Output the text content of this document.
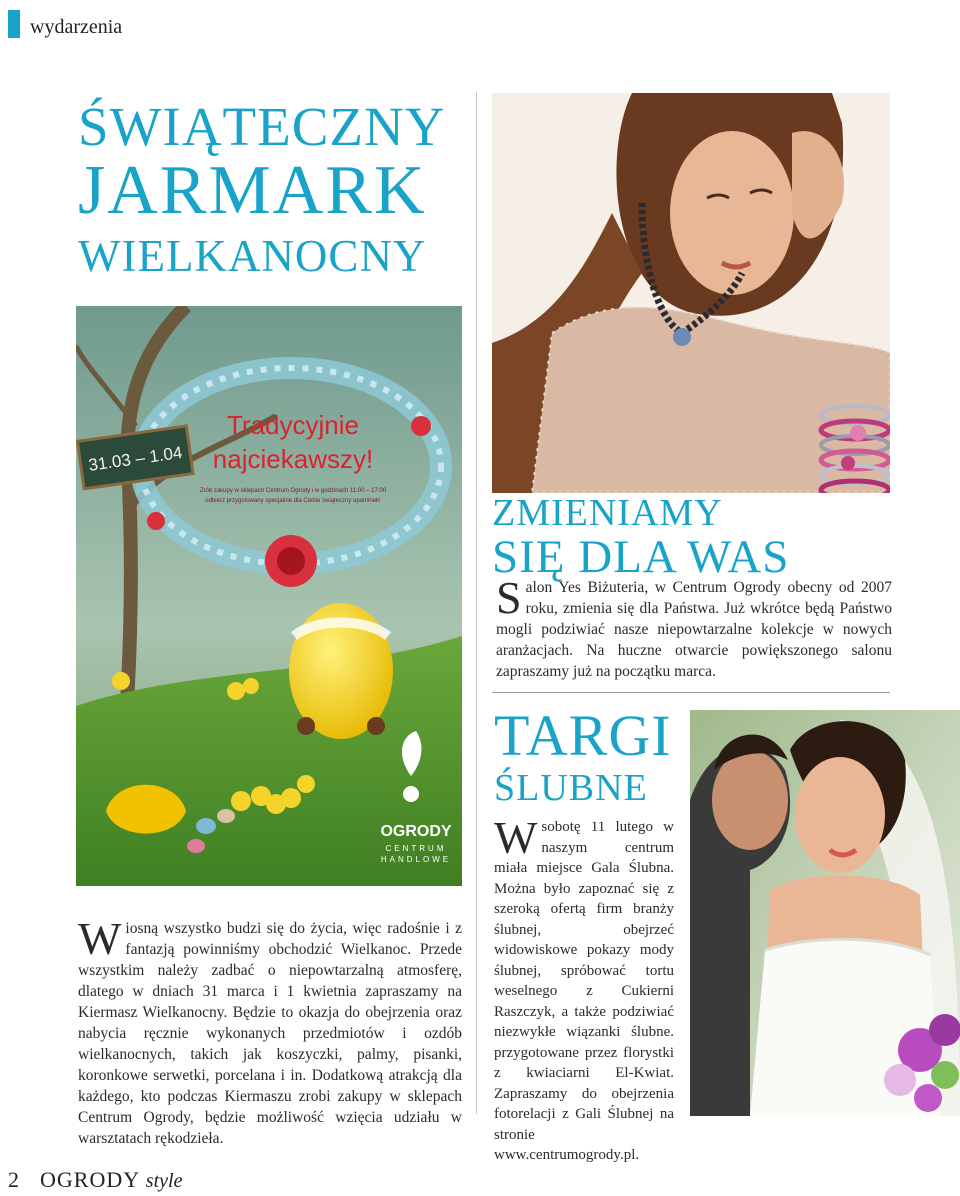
wydarzenia
ŚWIĄTECZNY
JARMARK
WIELKANOCNY
31.03 – 1.04
Tradycyjnie
najciekawszy!
Zrób zakupy w sklepach Centrum Ogrody i w godzinach 11:00 – 17:00
odbierz przygotowany specjalnie dla Ciebie świąteczny upominek!
OGRODY
CENTRUM
HANDLOWE
Wiosną wszystko budzi się do życia, więc radośnie i z fantazją powinniśmy obchodzić Wielkanoc. Przede wszystkim należy zadbać o niepowtarzalną atmosferę, dlatego w dniach 31 marca i 1 kwietnia zapraszamy na Kiermasz Wielkanocny. Będzie to okazja do obejrzenia oraz nabycia ręcznie wykonanych przedmiotów i ozdób wielkanocnych, takich jak koszyczki, palmy, pisanki, koronkowe serwetki, porcelana i in. Dodatkową atrakcją dla każdego, kto podczas Kiermaszu zrobi zakupy w sklepach Centrum Ogrody, będzie możliwość wzięcia udziału w warsztatach rękodzieła.
ZMIENIAMY
SIĘ DLA WAS
Salon Yes Biżuteria, w Centrum Ogrody obecny od 2007 roku, zmienia się dla Państwa. Już wkrótce będą Państwo mogli podziwiać nasze niepowtarzalne kolekcje w nowych aranżacjach. Na huczne otwarcie powiększonego salonu zapraszamy już na początku marca.
TARGI
ŚLUBNE
Wsobotę 11 lutego w naszym centrum miała miejsce Gala Ślubna. Można było zapoznać się z szeroką ofertą firm branży ślubnej, obejrzeć widowiskowe pokazy mody ślubnej, spróbować tortu weselnego z Cukierni Raszczyk, a także podziwiać niezwykłe wiązanki ślubne. przygotowane przez florystki z kwiaciarni El-Kwiat. Zapraszamy do obejrzenia fotorelacji z Gali Ślubnej na stronie www.centrumogrody.pl.
2 OGRODY style
